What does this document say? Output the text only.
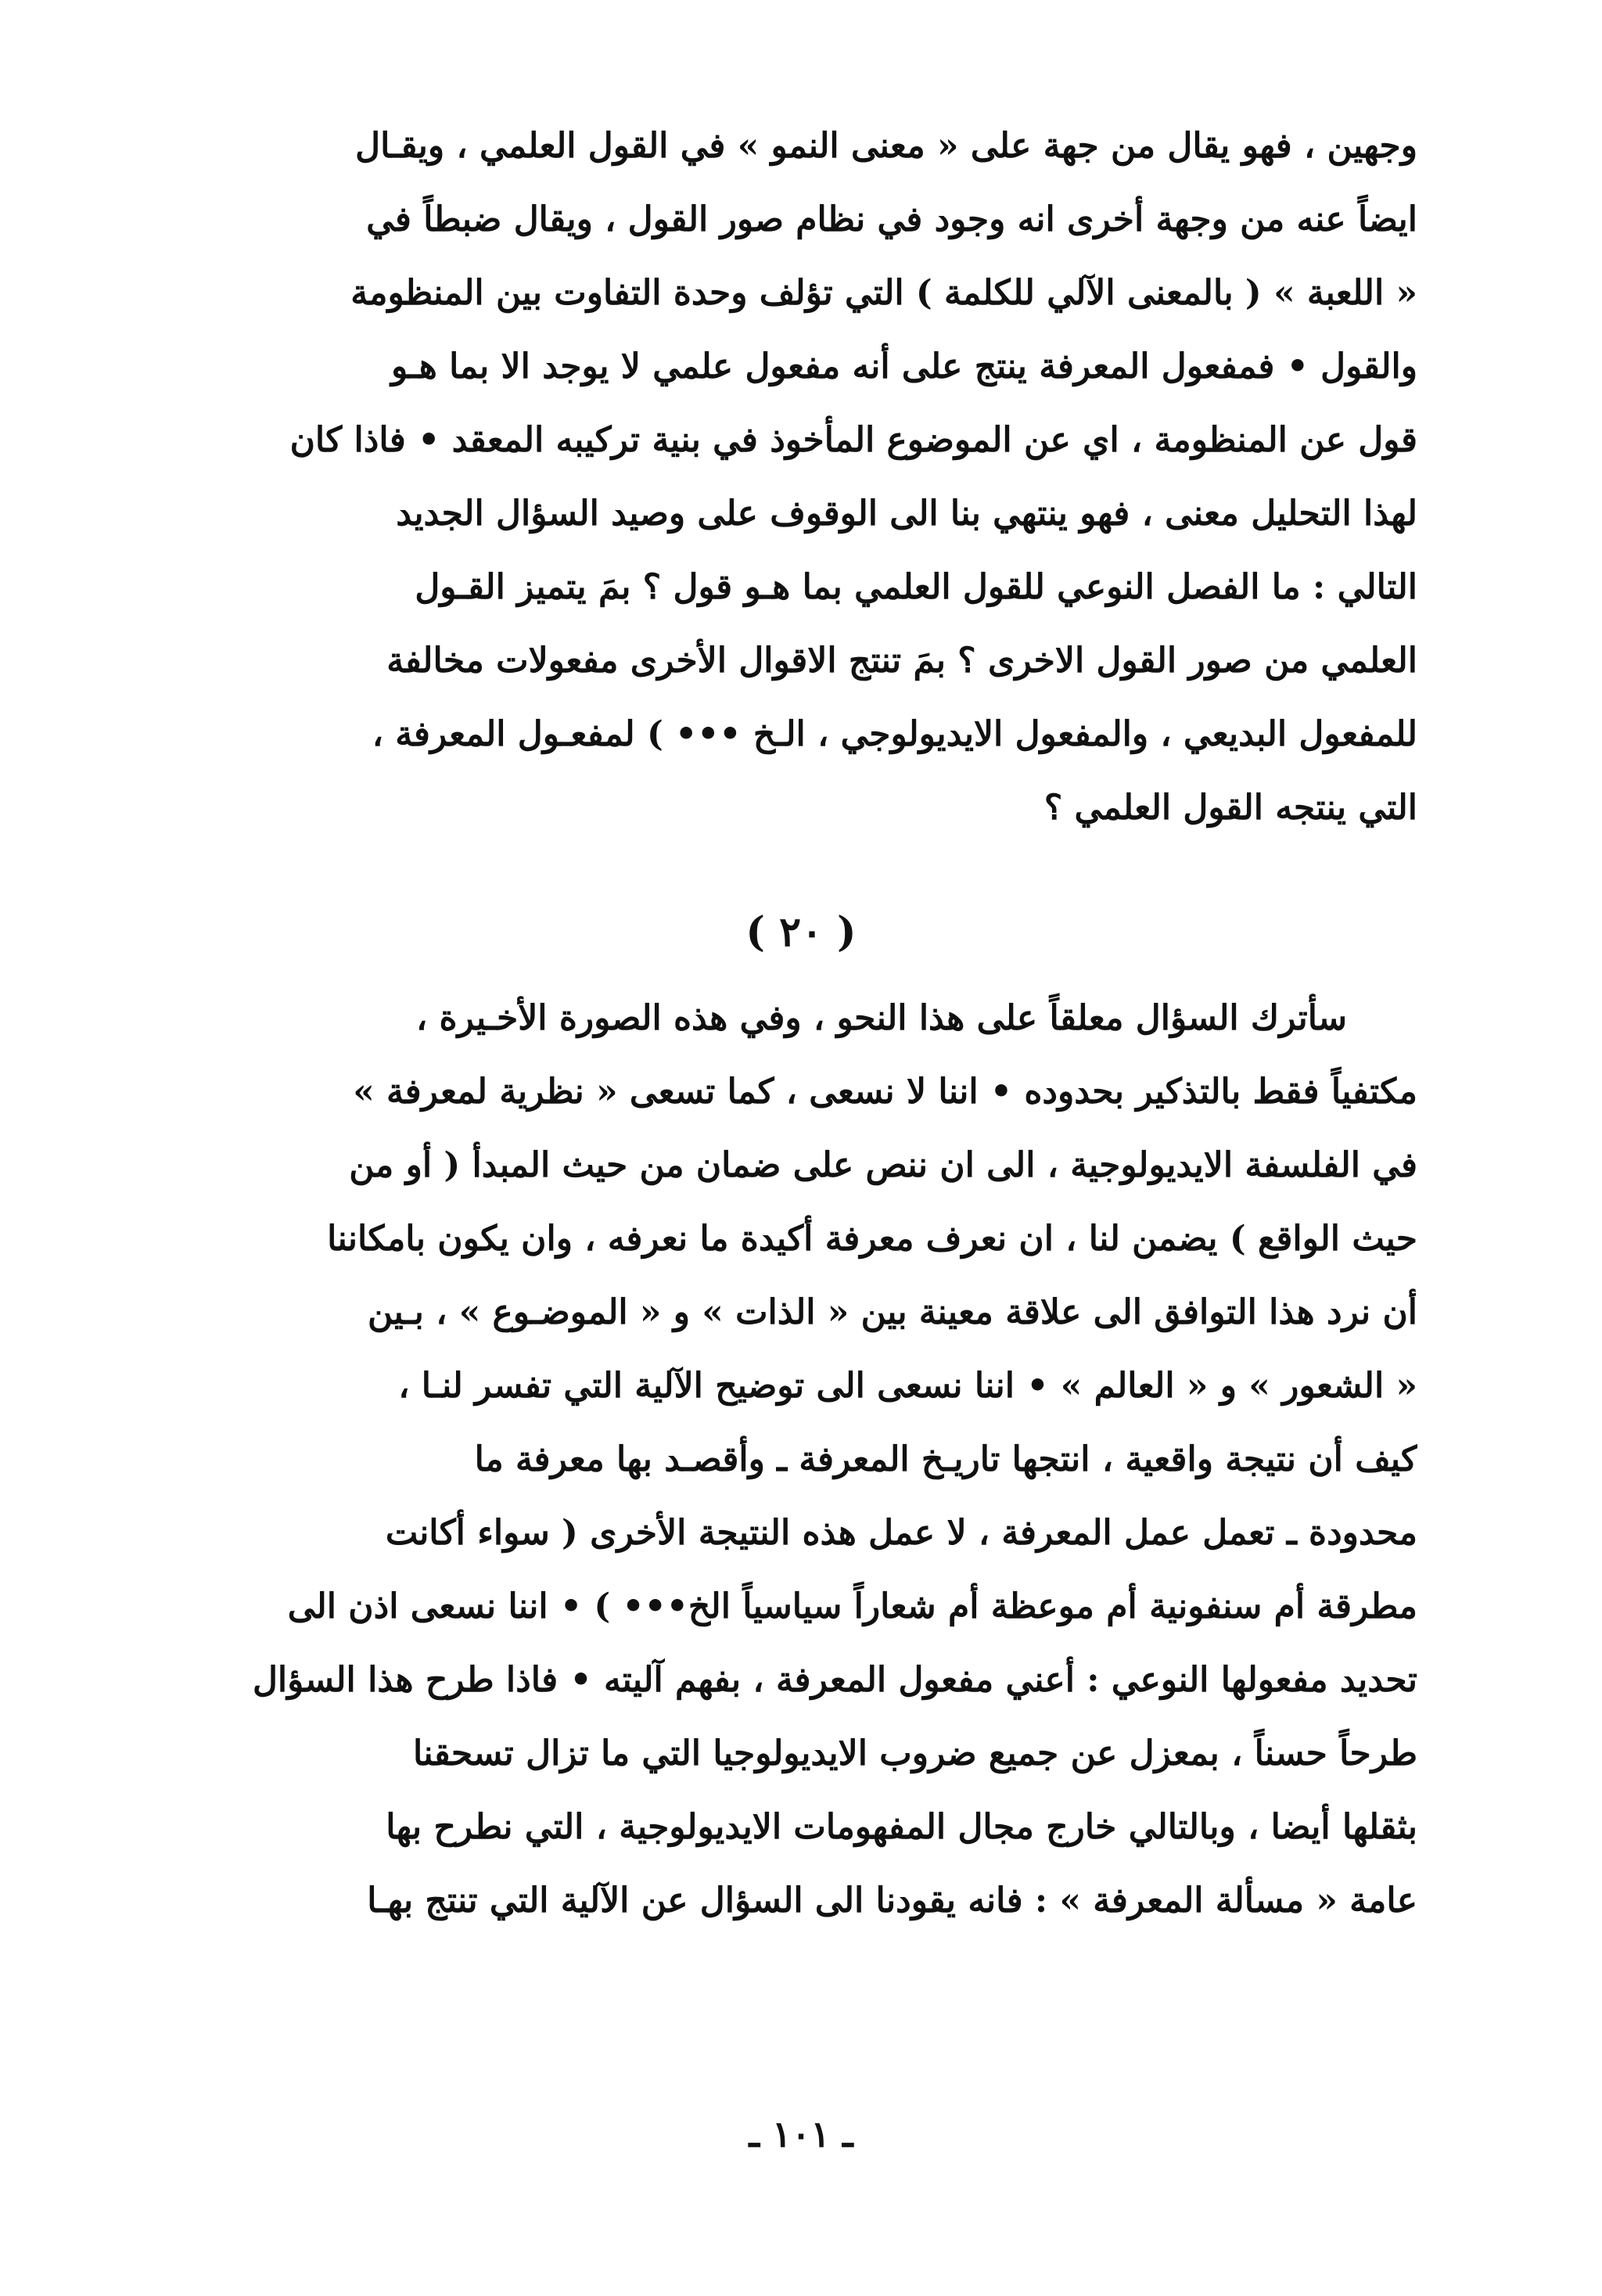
وجهين ، فهو يقال من جهة على « معنى النمو » في القول العلمي ، ويقـال
ايضاً عنه من وجهة أخرى انه وجود في نظام صور القول ، ويقال ضبطاً في
« اللعبة » ( بالمعنى الآلي للكلمة ) التي تؤلف وحدة التفاوت بين المنظومة
والقول • فمفعول المعرفة ينتج على أنه مفعول علمي لا يوجد الا بما هـو
قول عن المنظومة ، اي عن الموضوع المأخوذ في بنية تركيبه المعقد • فاذا كان
لهذا التحليل معنى ، فهو ينتهي بنا الى الوقوف على وصيد السؤال الجديد
التالي : ما الفصل النوعي للقول العلمي بما هـو قول ؟ بمَ يتميز القـول
العلمي من صور القول الاخرى ؟ بمَ تنتج الاقوال الأخرى مفعولات مخالفة
للمفعول البديعي ، والمفعول الايديولوجي ، الـخ ••• ) لمفعـول المعرفة ،
التي ينتجه القول العلمي ؟
( ٢٠ )
سأترك السؤال معلقاً على هذا النحو ، وفي هذه الصورة الأخـيرة ،
مكتفياً فقط بالتذكير بحدوده • اننا لا نسعى ، كما تسعى « نظرية لمعرفة »
في الفلسفة الايديولوجية ، الى ان ننص على ضمان من حيث المبدأ ( أو من
حيث الواقع ) يضمن لنا ، ان نعرف معرفة أكيدة ما نعرفه ، وان يكون بامكاننا
أن نرد هذا التوافق الى علاقة معينة بين « الذات » و « الموضـوع » ، بـين
« الشعور » و « العالم » • اننا نسعى الى توضيح الآلية التي تفسر لنـا ،
كيف أن نتيجة واقعية ، انتجها تاريـخ المعرفة ـ وأقصـد بها معرفة ما
محدودة ـ تعمل عمل المعرفة ، لا عمل هذه النتيجة الأخرى ( سواء أكانت
مطرقة أم سنفونية أم موعظة أم شعاراً سياسياً الخ••• ) • اننا نسعى اذن الى
تحديد مفعولها النوعي : أعني مفعول المعرفة ، بفهم آليته • فاذا طرح هذا السؤال
طرحاً حسناً ، بمعزل عن جميع ضروب الايديولوجيا التي ما تزال تسحقنا
بثقلها أيضا ، وبالتالي خارج مجال المفهومات الايديولوجية ، التي نطرح بها
عامة « مسألة المعرفة » : فانه يقودنا الى السؤال عن الآلية التي تنتج بهـا
ـ ١٠١ ـ
